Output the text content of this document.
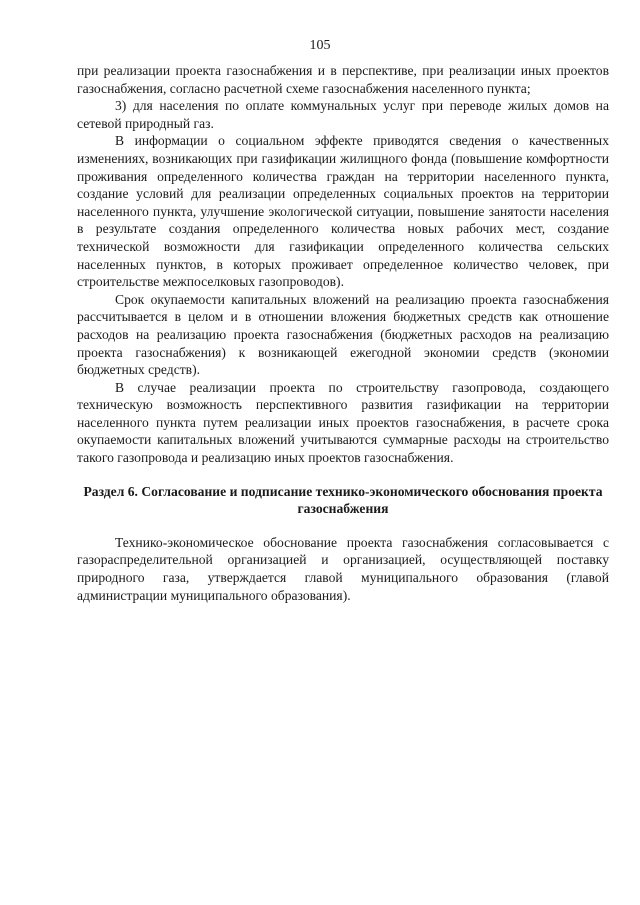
105

при реализации проекта газоснабжения и в перспективе, при реализации иных проектов газоснабжения, согласно расчетной схеме газоснабжения населенного пункта;

3) для населения по оплате коммунальных услуг при переводе жилых домов на сетевой природный газ.

В информации о социальном эффекте приводятся сведения о качественных изменениях, возникающих при газификации жилищного фонда (повышение комфортности проживания определенного количества граждан на территории населенного пункта, создание условий для реализации определенных социальных проектов на территории населенного пункта, улучшение экологической ситуации, повышение занятости населения в результате создания определенного количества новых рабочих мест, создание технической возможности для газификации определенного количества сельских населенных пунктов, в которых проживает определенное количество человек, при строительстве межпоселковых газопроводов).

Срок окупаемости капитальных вложений на реализацию проекта газоснабжения рассчитывается в целом и в отношении вложения бюджетных средств как отношение расходов на реализацию проекта газоснабжения (бюджетных расходов на реализацию проекта газоснабжения) к возникающей ежегодной экономии средств (экономии бюджетных средств).

В случае реализации проекта по строительству газопровода, создающего техническую возможность перспективного развития газификации на территории населенного пункта путем реализации иных проектов газоснабжения, в расчете срока окупаемости капитальных вложений учитываются суммарные расходы на строительство такого газопровода и реализацию иных проектов газоснабжения.

Раздел 6. Согласование и подписание технико-экономического обоснования проекта газоснабжения

Технико-экономическое обоснование проекта газоснабжения согласовывается с газораспределительной организацией и организацией, осуществляющей поставку природного газа, утверждается главой муниципального образования (главой администрации муниципального образования).
